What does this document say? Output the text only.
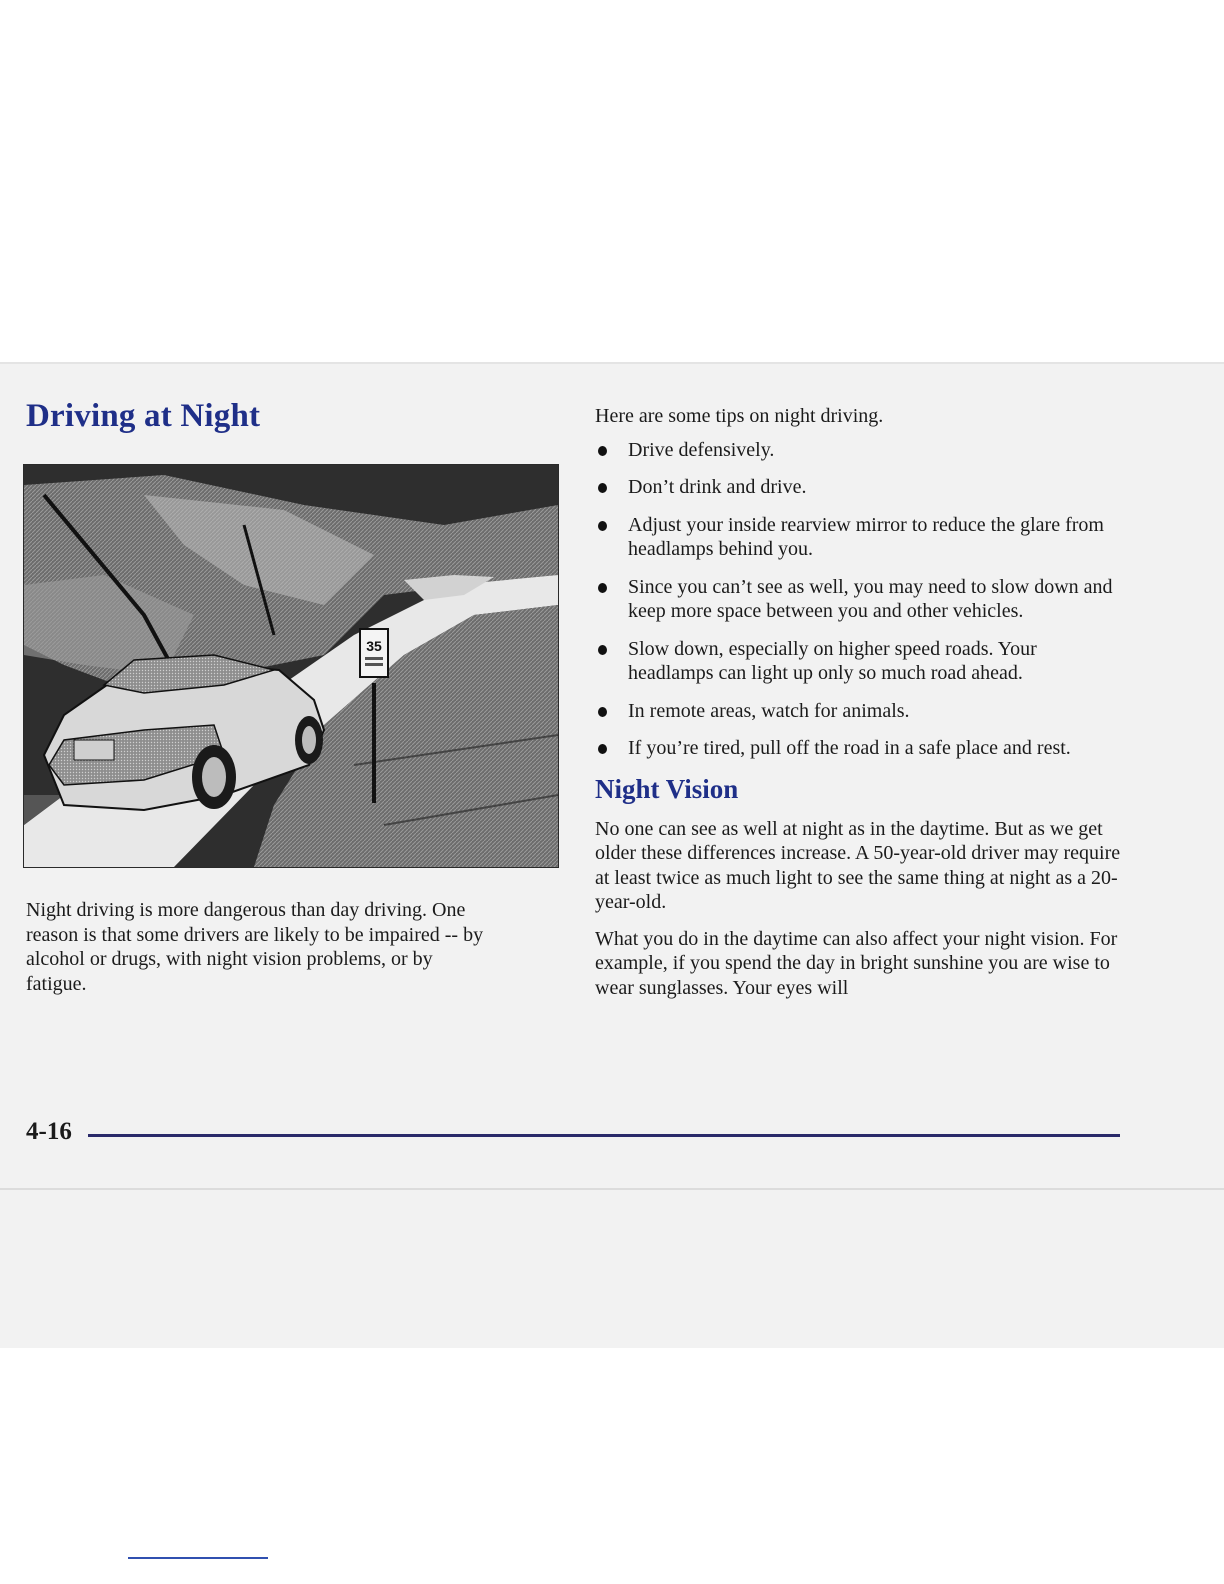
Driving at Night
35

Night driving is more dangerous than day driving. One reason is that some drivers are likely to be impaired -- by alcohol or drugs, with night vision problems, or by fatigue.

Here are some tips on night driving.

Drive defensively.
Don’t drink and drive.
Adjust your inside rearview mirror to reduce the glare from headlamps behind you.
Since you can’t see as well, you may need to slow down and keep more space between you and other vehicles.
Slow down, especially on higher speed roads. Your headlamps can light up only so much road ahead.
In remote areas, watch for animals.
If you’re tired, pull off the road in a safe place and rest.
Night Vision

No one can see as well at night as in the daytime. But as we get older these differences increase. A 50-year-old driver may require at least twice as much light to see the same thing at night as a 20-year-old.

What you do in the daytime can also affect your night vision. For example, if you spend the day in bright sunshine you are wise to wear sunglasses. Your eyes will

4-16
